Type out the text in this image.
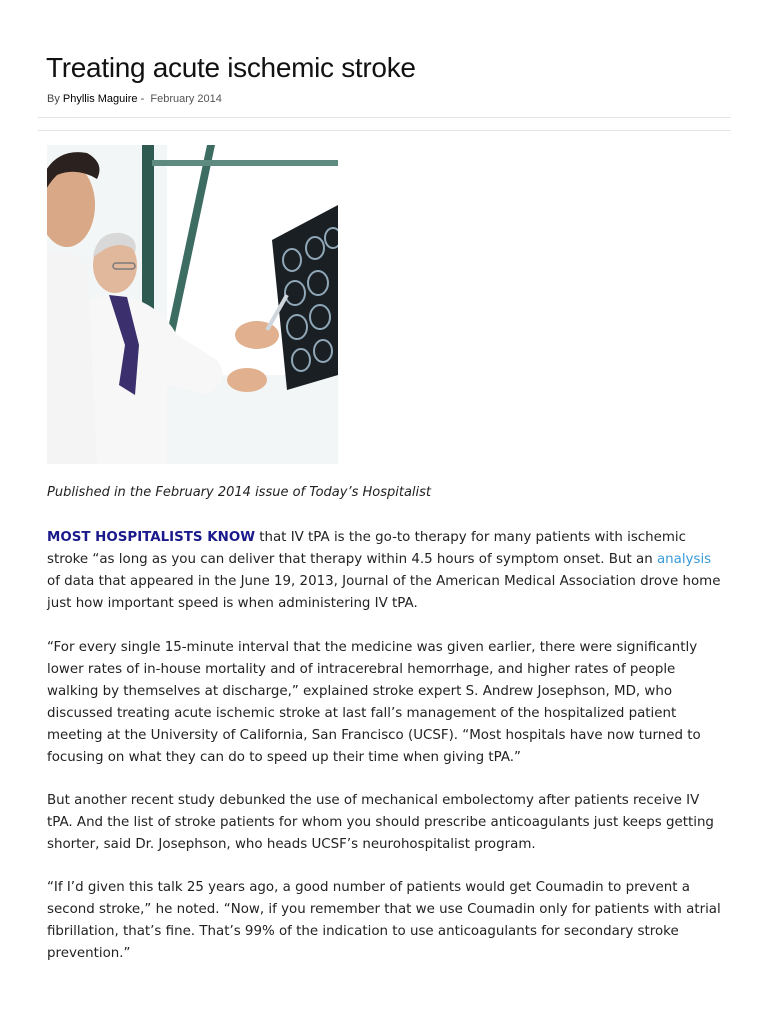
Treating acute ischemic stroke
By Phyllis Maguire - February 2014
Published in the February 2014 issue of Today’s Hospitalist

MOST HOSPITALISTS KNOW that IV tPA is the go-to therapy for many patients with ischemic stroke “as long as you can deliver that therapy within 4.5 hours of symptom onset. But an analysis of data that appeared in the June 19, 2013, Journal of the American Medical Association drove home just how important speed is when administering IV tPA.

“For every single 15-minute interval that the medicine was given earlier, there were significantly lower rates of in-house mortality and of intracerebral hemorrhage, and higher rates of people walking by themselves at discharge,” explained stroke expert S. Andrew Josephson, MD, who discussed treating acute ischemic stroke at last fall’s management of the hospitalized patient meeting at the University of California, San Francisco (UCSF). “Most hospitals have now turned to focusing on what they can do to speed up their time when giving tPA.”

But another recent study debunked the use of mechanical embolectomy after patients receive IV tPA. And the list of stroke patients for whom you should prescribe anticoagulants just keeps getting shorter, said Dr. Josephson, who heads UCSF’s neurohospitalist program.

“If I’d given this talk 25 years ago, a good number of patients would get Coumadin to prevent a second stroke,” he noted. “Now, if you remember that we use Coumadin only for patients with atrial fibrillation, that’s fine. That’s 99% of the indication to use anticoagulants for secondary stroke prevention.”
